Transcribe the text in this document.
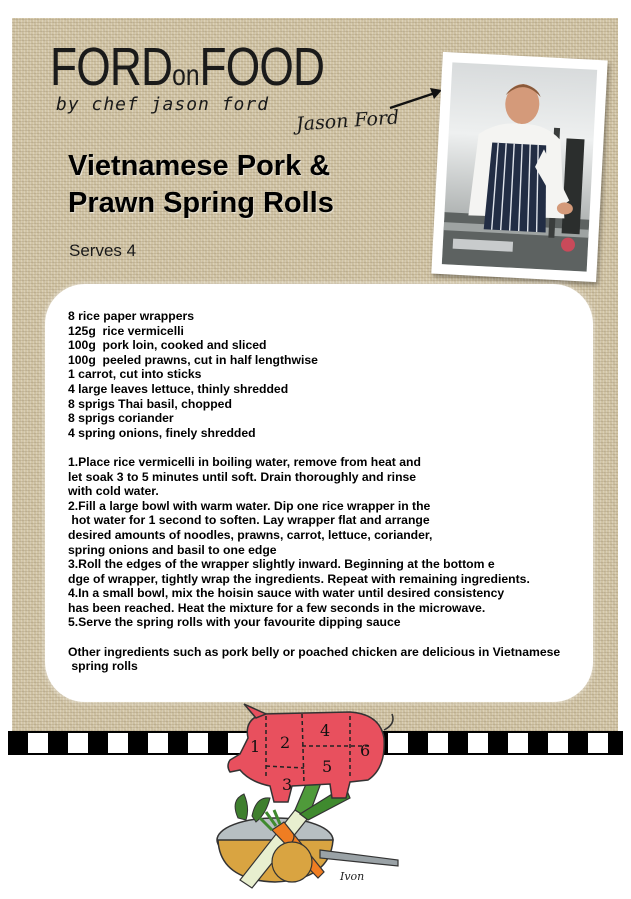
FORDonFOOD
by chef jason ford
Jason Ford
Vietnamese Pork & Prawn Spring Rolls
Serves 4
8 rice paper wrappers
125g  rice vermicelli
100g  pork loin, cooked and sliced
100g  peeled prawns, cut in half lengthwise
1 carrot, cut into sticks
4 large leaves lettuce, thinly shredded
8 sprigs Thai basil, chopped
8 sprigs coriander
4 spring onions, finely shredded
1.Place rice vermicelli in boiling water, remove from heat and
let soak 3 to 5 minutes until soft. Drain thoroughly and rinse
with cold water.
2.Fill a large bowl with warm water. Dip one rice wrapper in the
hot water for 1 second to soften. Lay wrapper flat and arrange
desired amounts of noodles, prawns, carrot, lettuce, coriander,
spring onions and basil to one edge
3.Roll the edges of the wrapper slightly inward. Beginning at the bottom e
dge of wrapper, tightly wrap the ingredients. Repeat with remaining ingredients.
4.In a small bowl, mix the hoisin sauce with water until desired consistency
has been reached. Heat the mixture for a few seconds in the microwave.
5.Serve the spring rolls with your favourite dipping sauce
Other ingredients such as pork belly or poached chicken are delicious in Vietnamese
spring rolls
1 2
3
4
5
6
Ivon
